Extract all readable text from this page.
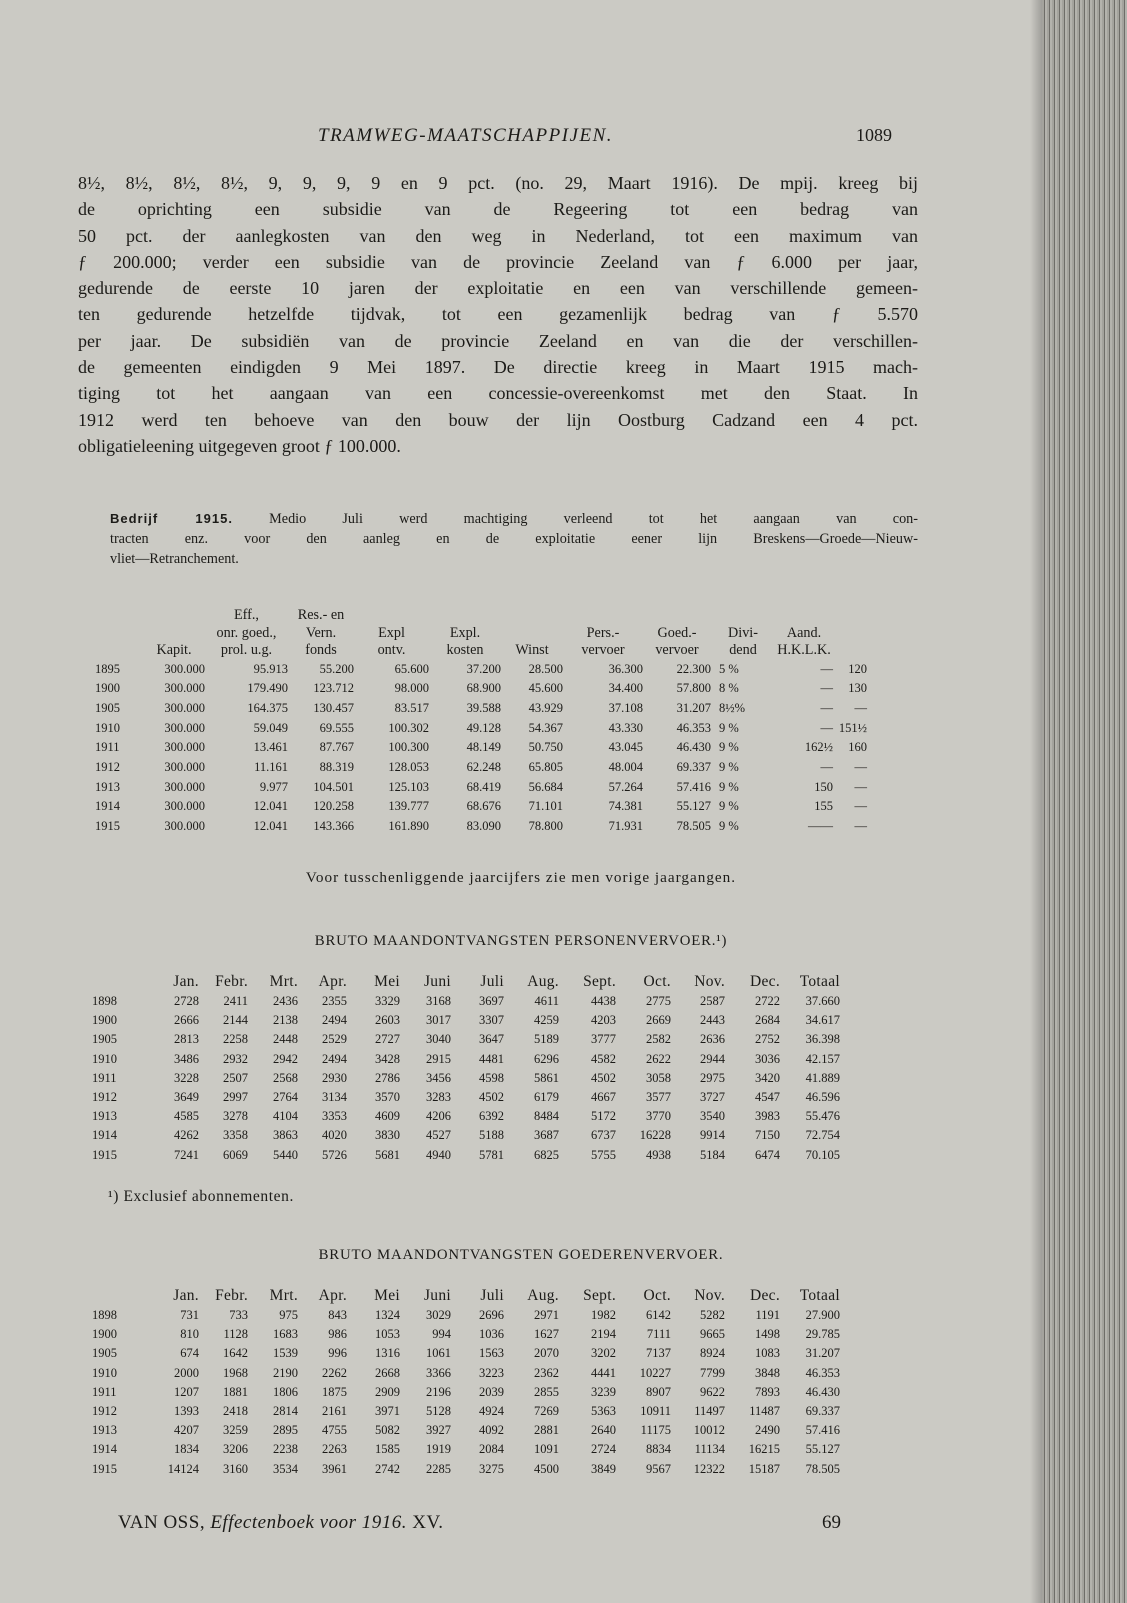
TRAMWEG-MAATSCHAPPIJEN.	1089
8½, 8½, 8½, 8½, 9, 9, 9, 9 en 9 pct. (no. 29, Maart 1916). De mpij. kreeg bij
de oprichting een subsidie van de Regeering tot een bedrag van
50 pct. der aanlegkosten van den weg in Nederland, tot een maximum van
ƒ 200.000; verder een subsidie van de provincie Zeeland van ƒ 6.000 per jaar,
gedurende de eerste 10 jaren der exploitatie en een van verschillende gemeen-
ten gedurende hetzelfde tijdvak, tot een gezamenlijk bedrag van ƒ 5.570
per jaar. De subsidiën van de provincie Zeeland en van die der verschillen-
de gemeenten eindigden 9 Mei 1897. De directie kreeg in Maart 1915 mach-
tiging tot het aangaan van een concessie-overeenkomst met den Staat. In
1912 werd ten behoeve van den bouw der lijn Oostburg Cadzand een 4 pct.
obligatieleening uitgegeven groot ƒ 100.000.
Bedrijf 1915. Medio Juli werd machtiging verleend tot het aangaan van con-
tracten enz. voor den aanleg en de exploitatie eener lijn Breskens—Groede—Nieuw-
vliet—Retranchement.
		Eff.,	Res.- en								
		onr. goed.,	Vern.	Expl	Expl.		Pers.-	Goed.-	Divi-	Aand.	
	Kapit.	prol. u.g.	fonds	ontv.	kosten	Winst	vervoer	vervoer	dend	H.K.L.K.	
1895	300.000	95.913	55.200	65.600	37.200	28.500	36.300	22.300	5 %	—	120
1900	300.000	179.490	123.712	98.000	68.900	45.600	34.400	57.800	8 %	—	130
1905	300.000	164.375	130.457	83.517	39.588	43.929	37.108	31.207	8½%	—	—
1910	300.000	59.049	69.555	100.302	49.128	54.367	43.330	46.353	9 %	—	151½
1911	300.000	13.461	87.767	100.300	48.149	50.750	43.045	46.430	9 %	162½	160
1912	300.000	11.161	88.319	128.053	62.248	65.805	48.004	69.337	9 %	—	—
1913	300.000	9.977	104.501	125.103	68.419	56.684	57.264	57.416	9 %	150	—
1914	300.000	12.041	120.258	139.777	68.676	71.101	74.381	55.127	9 %	155	—
1915	300.000	12.041	143.366	161.890	83.090	78.800	71.931	78.505	9 %	——	—
Voor tusschenliggende jaarcijfers zie men vorige jaargangen.
BRUTO MAANDONTVANGSTEN PERSONENVERVOER.¹)
	Jan.	Febr.	Mrt.	Apr.	Mei	Juni	Juli	Aug.	Sept.	Oct.	Nov.	Dec.	Totaal
1898	2728	2411	2436	2355	3329	3168	3697	4611	4438	2775	2587	2722	37.660
1900	2666	2144	2138	2494	2603	3017	3307	4259	4203	2669	2443	2684	34.617
1905	2813	2258	2448	2529	2727	3040	3647	5189	3777	2582	2636	2752	36.398
1910	3486	2932	2942	2494	3428	2915	4481	6296	4582	2622	2944	3036	42.157
1911	3228	2507	2568	2930	2786	3456	4598	5861	4502	3058	2975	3420	41.889
1912	3649	2997	2764	3134	3570	3283	4502	6179	4667	3577	3727	4547	46.596
1913	4585	3278	4104	3353	4609	4206	6392	8484	5172	3770	3540	3983	55.476
1914	4262	3358	3863	4020	3830	4527	5188	3687	6737	16228	9914	7150	72.754
1915	7241	6069	5440	5726	5681	4940	5781	6825	5755	4938	5184	6474	70.105
¹) Exclusief abonnementen.
BRUTO MAANDONTVANGSTEN GOEDERENVERVOER.
	Jan.	Febr.	Mrt.	Apr.	Mei	Juni	Juli	Aug.	Sept.	Oct.	Nov.	Dec.	Totaal
1898	731	733	975	843	1324	3029	2696	2971	1982	6142	5282	1191	27.900
1900	810	1128	1683	986	1053	994	1036	1627	2194	7111	9665	1498	29.785
1905	674	1642	1539	996	1316	1061	1563	2070	3202	7137	8924	1083	31.207
1910	2000	1968	2190	2262	2668	3366	3223	2362	4441	10227	7799	3848	46.353
1911	1207	1881	1806	1875	2909	2196	2039	2855	3239	8907	9622	7893	46.430
1912	1393	2418	2814	2161	3971	5128	4924	7269	5363	10911	11497	11487	69.337
1913	4207	3259	2895	4755	5082	3927	4092	2881	2640	11175	10012	2490	57.416
1914	1834	3206	2238	2263	1585	1919	2084	1091	2724	8834	11134	16215	55.127
1915	14124	3160	3534	3961	2742	2285	3275	4500	3849	9567	12322	15187	78.505
VAN OSS, Effectenboek voor 1916. XV.	69
